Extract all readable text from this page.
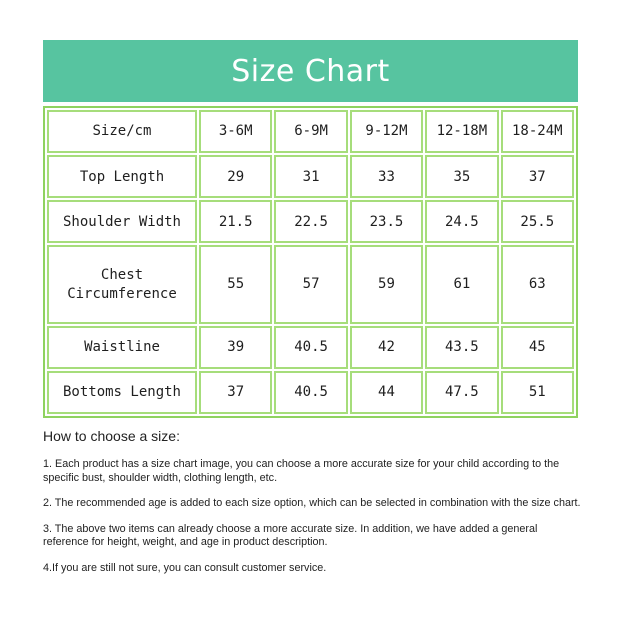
Size Chart
Size/cm	3-6M	6-9M	9-12M	12-18M	18-24M
Top Length	29	31	33	35	37
Shoulder Width	21.5	22.5	23.5	24.5	25.5
Chest
Circumference	55	57	59	61	63
Waistline	39	40.5	42	43.5	45
Bottoms Length	37	40.5	44	47.5	51
How to choose a size:

1. Each product has a size chart image, you can choose a more accurate size for your child according to the specific bust, shoulder width, clothing length, etc.

2. The recommended age is added to each size option, which can be selected in combination with the size chart.

3. The above two items can already choose a more accurate size. In addition, we have added a general reference for height, weight, and age in product description.

4.If you are still not sure, you can consult customer service.
